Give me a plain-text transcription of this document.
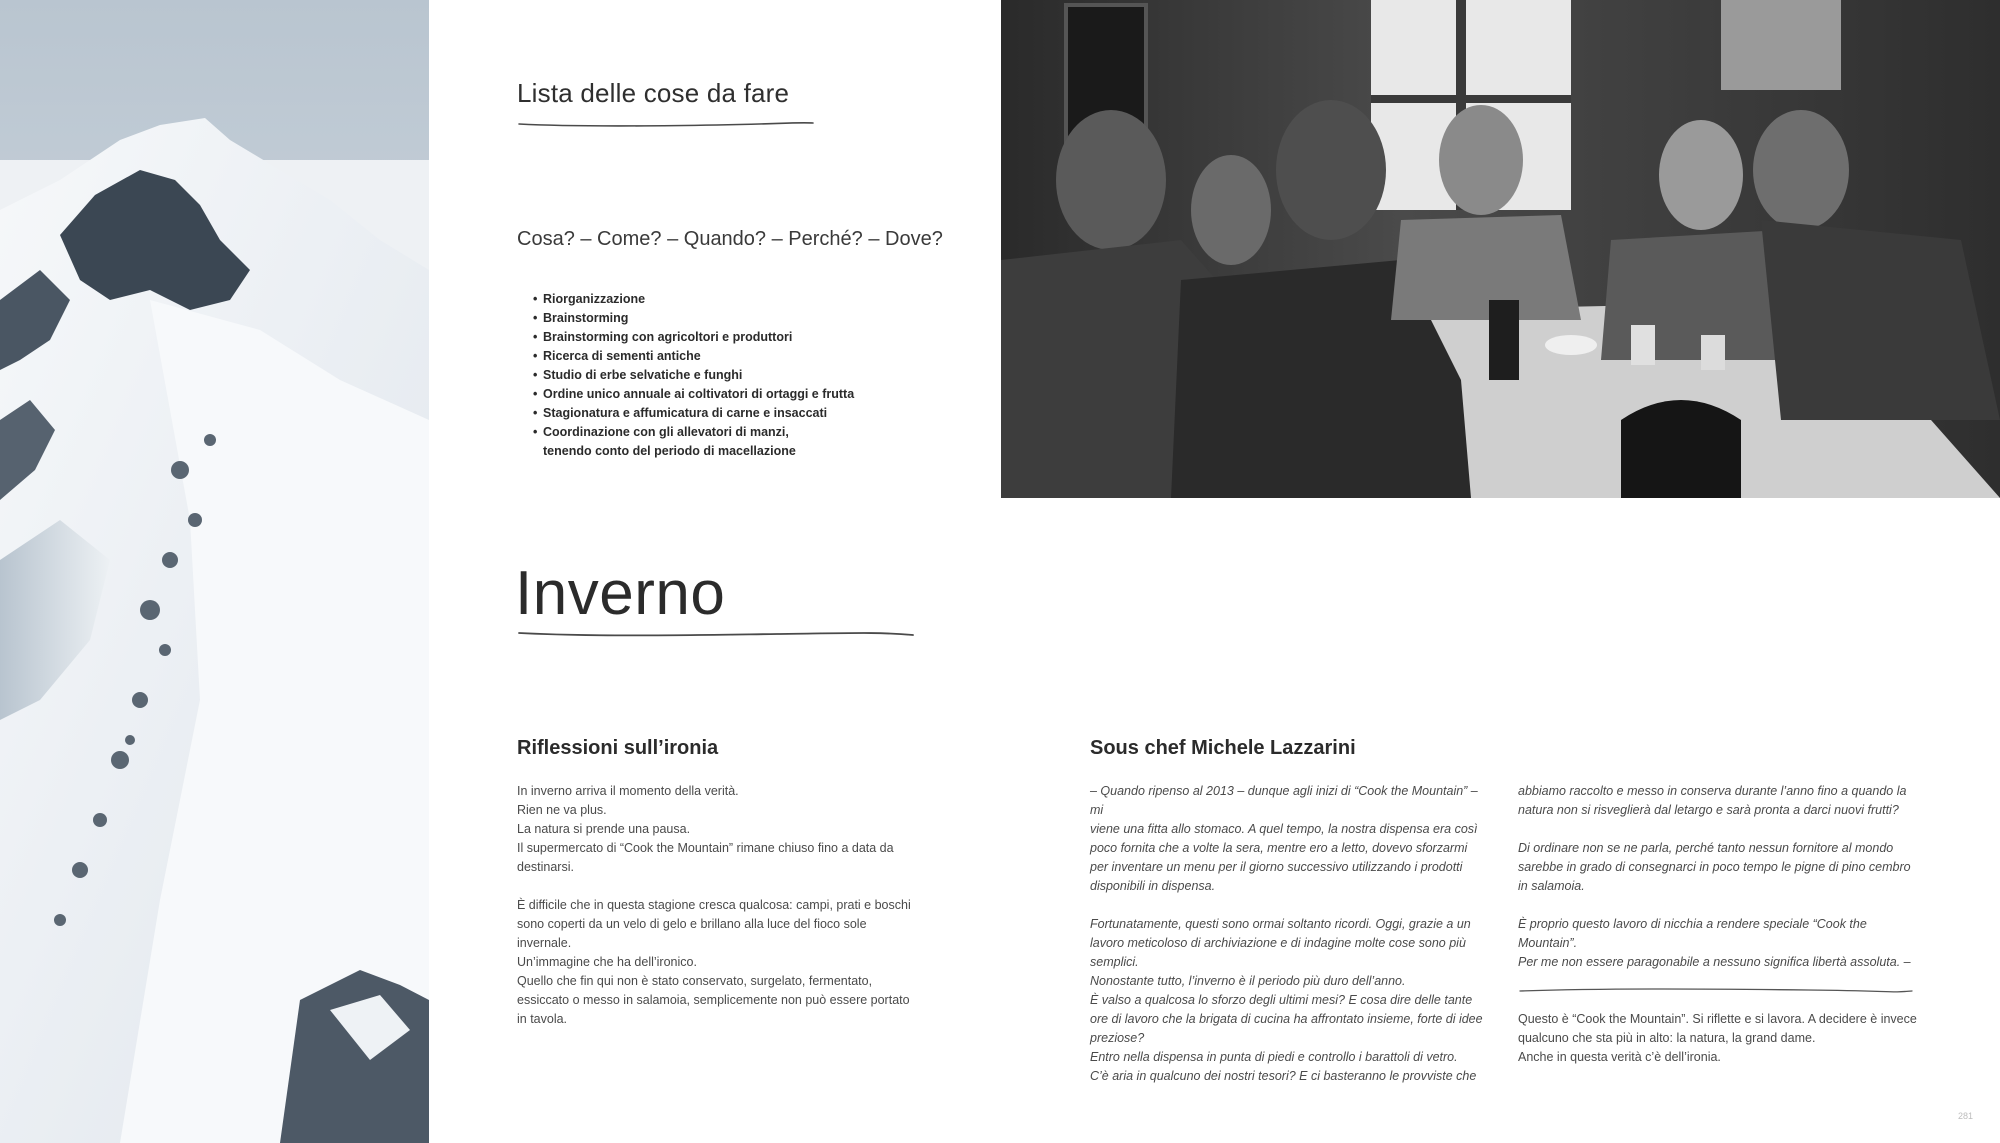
Lista delle cose da fare
Cosa? – Come? – Quando? – Perché? – Dove?
• Riorganizzazione
• Brainstorming
• Brainstorming con agricoltori e produttori
• Ricerca di sementi antiche
• Studio di erbe selvatiche e funghi
• Ordine unico annuale ai coltivatori di ortaggi e frutta
• Stagionatura e affumicatura di carne e insaccati
• Coordinazione con gli allevatori di manzi,
tenendo conto del periodo di macellazione
Inverno
Riflessioni sull’ironia
In inverno arriva il momento della verità.
Rien ne va plus.
La natura si prende una pausa.
Il supermercato di “Cook the Mountain” rimane chiuso fino a data da
destinarsi.

È difficile che in questa stagione cresca qualcosa: campi, prati e boschi
sono coperti da un velo di gelo e brillano alla luce del fioco sole invernale.
Un’immagine che ha dell’ironico.
Quello che fin qui non è stato conservato, surgelato, fermentato,
essiccato o messo in salamoia, semplicemente non può essere portato
in tavola.
Sous chef Michele Lazzarini
– Quando ripenso al 2013 – dunque agli inizi di “Cook the Mountain” – mi
viene una fitta allo stomaco. A quel tempo, la nostra dispensa era così
poco fornita che a volte la sera, mentre ero a letto, dovevo sforzarmi
per inventare un menu per il giorno successivo utilizzando i prodotti
disponibili in dispensa.

Fortunatamente, questi sono ormai soltanto ricordi. Oggi, grazie a un
lavoro meticoloso di archiviazione e di indagine molte cose sono più
semplici.
Nonostante tutto, l’inverno è il periodo più duro dell’anno.
È valso a qualcosa lo sforzo degli ultimi mesi? E cosa dire delle tante
ore di lavoro che la brigata di cucina ha affrontato insieme, forte di idee
preziose?
Entro nella dispensa in punta di piedi e controllo i barattoli di vetro.
C’è aria in qualcuno dei nostri tesori? E ci basteranno le provviste che
abbiamo raccolto e messo in conserva durante l’anno fino a quando la
natura non si risveglierà dal letargo e sarà pronta a darci nuovi frutti?

Di ordinare non se ne parla, perché tanto nessun fornitore al mondo
sarebbe in grado di consegnarci in poco tempo le pigne di pino cembro
in salamoia.

È proprio questo lavoro di nicchia a rendere speciale “Cook the
Mountain”.
Per me non essere paragonabile a nessuno significa libertà assoluta. –
Questo è “Cook the Mountain”. Si riflette e si lavora. A decidere è invece
qualcuno che sta più in alto: la natura, la grand dame.
Anche in questa verità c’è dell’ironia.
281
